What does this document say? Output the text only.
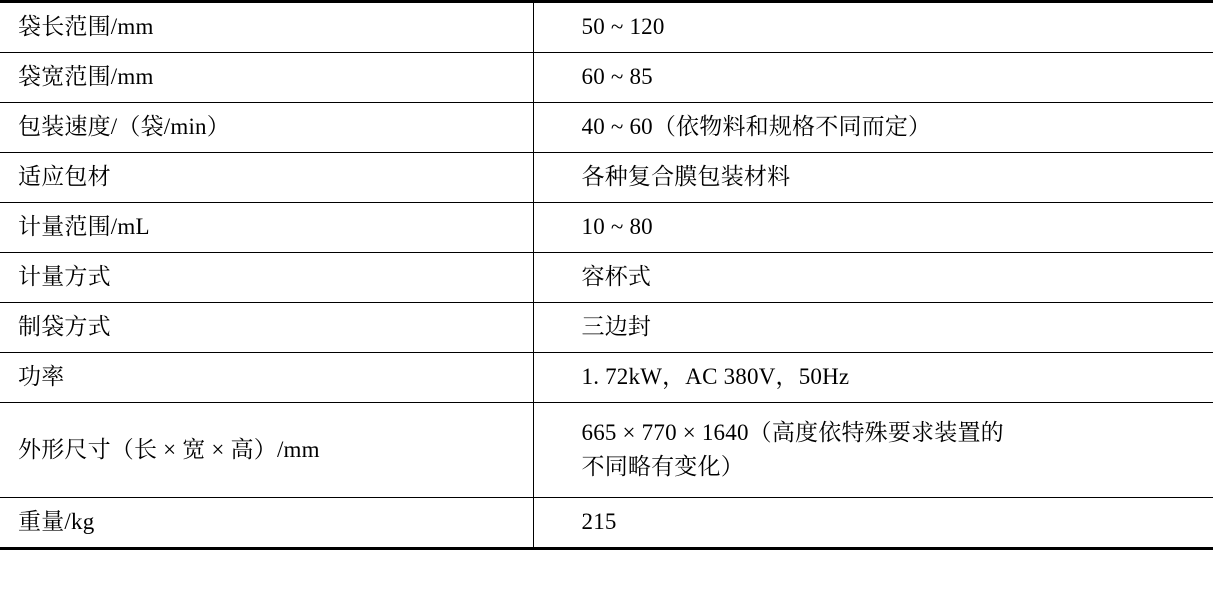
袋长范围/mm	50 ~ 120

袋宽范围/mm	60 ~ 85

包装速度/（袋/min）	40 ~ 60（依物料和规格不同而定）

适应包材	各种复合膜包装材料

计量范围/mL	10 ~ 80

计量方式	容杯式

制袋方式	三边封

功率	1. 72kW，AC 380V，50Hz

外形尺寸（长 × 宽 × 高）/mm	665 × 770 × 1640（高度依特殊要求装置的
不同略有变化）

重量/kg	215
